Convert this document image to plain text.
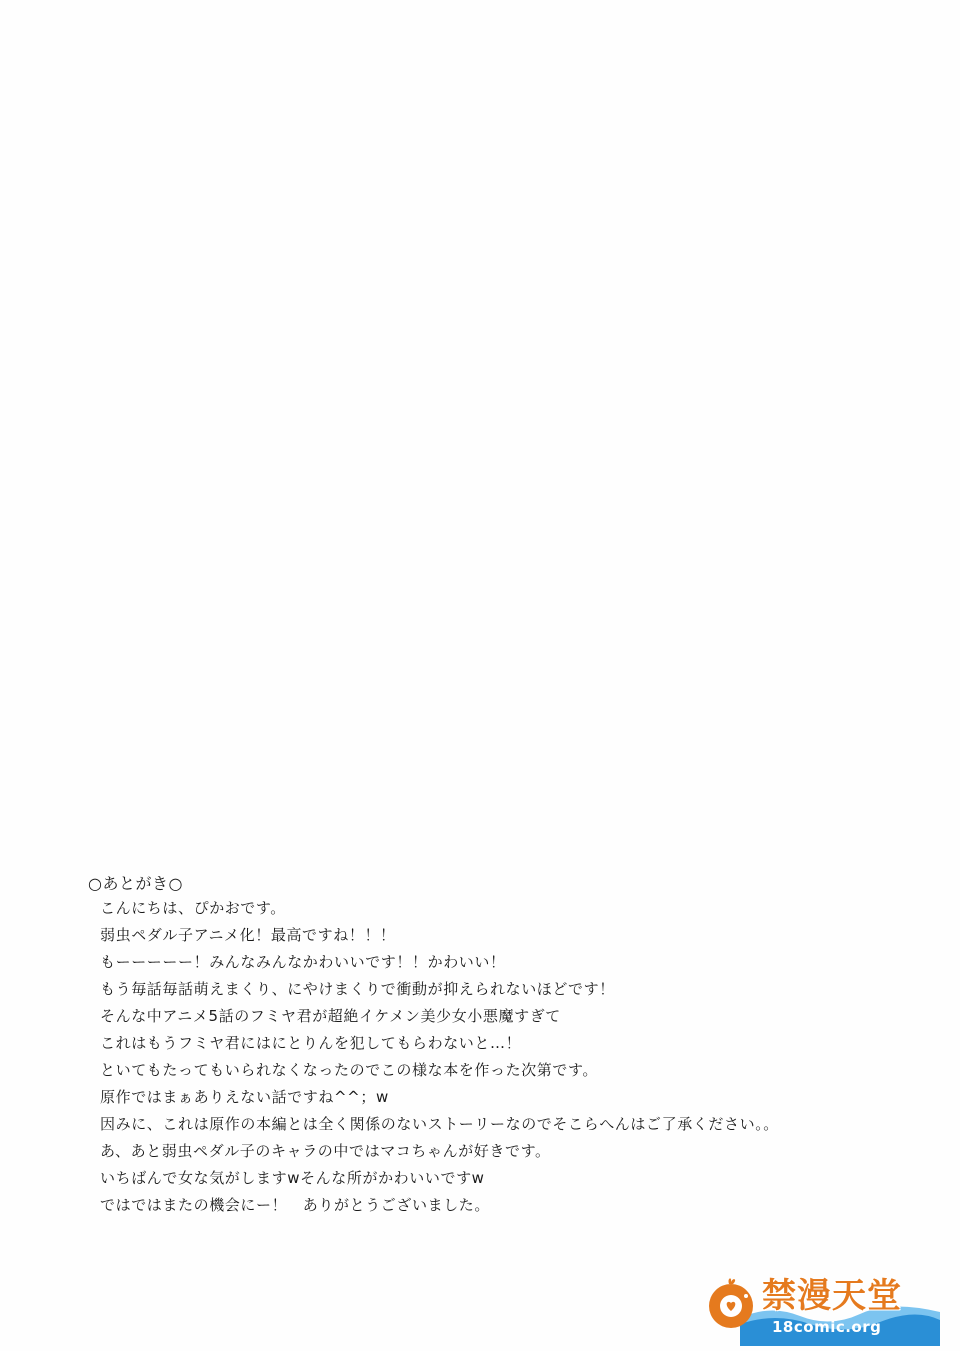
○あとがき○
こんにちは、ぴかおです。
弱虫ペダル子アニメ化！最高ですね！！！
もーーーーー！みんなみんなかわいいです！！かわいい！
もう毎話毎話萌えまくり、にやけまくりで衝動が抑えられないほどです！
そんな中アニメ5話のフミヤ君が超絶イケメン美少女小悪魔すぎて
これはもうフミヤ君にはにとりんを犯してもらわないと…！
といてもたってもいられなくなったのでこの様な本を作った次第です。
原作ではまぁありえない話ですね^^；w
因みに、これは原作の本編とは全く関係のないストーリーなのでそこらへんはご了承ください。。
あ、あと弱虫ペダル子のキャラの中ではマコちゃんが好きです。
いちばんで女な気がしますwそんな所がかわいいですw
ではではまたの機会にー！　ありがとうございました。
禁漫天堂
18comic.org
